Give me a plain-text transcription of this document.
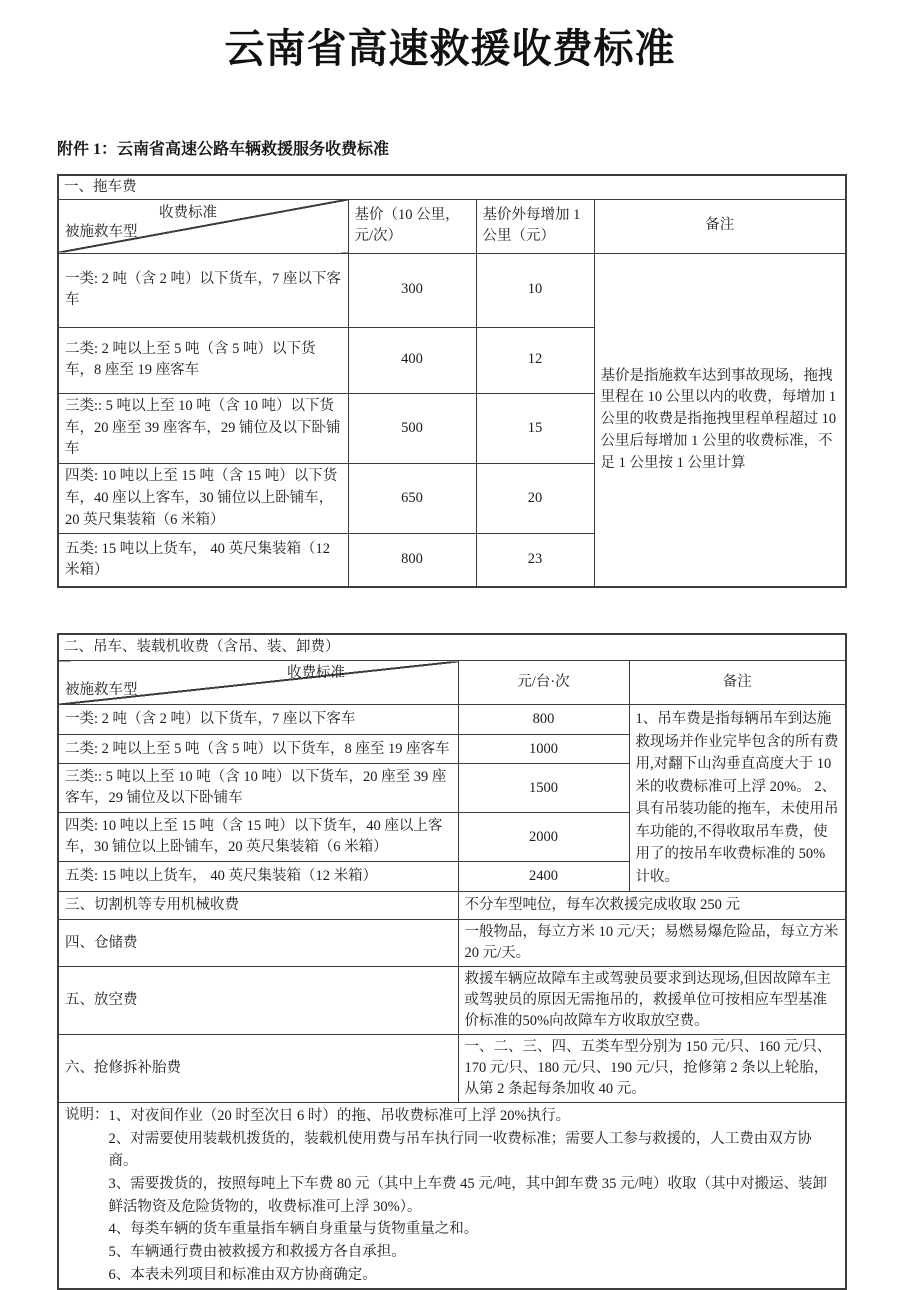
云南省高速救援收费标准
附件 1：云南省高速公路车辆救援服务收费标准
一、拖车费			

收费标准
被施救车型	基价（10 公里，元/次）	基价外每增加 1 公里（元）	备注
一类: 2 吨（含 2 吨）以下货车，7 座以下客车	300	10	基价是指施救车达到事故现场，拖拽里程在 10 公里以内的收费，每增加 1 公里的收费是指拖拽里程单程超过 10 公里后每增加 1 公里的收费标准，不足 1 公里按 1 公里计算
二类: 2 吨以上至 5 吨（含 5 吨）以下货车，8 座至 19 座客车	400	12	
三类:: 5 吨以上至 10 吨（含 10 吨）以下货车，20 座至 39 座客车，29 铺位及以下卧铺车	500	15	
四类: 10 吨以上至 15 吨（含 15 吨）以下货车，40 座以上客车，30 铺位以上卧铺车，20 英尺集装箱（6 米箱）	650	20	
五类: 15 吨以上货车， 40 英尺集装箱（12 米箱）	800	23	
二、吊车、装载机收费（含吊、装、卸费）		

收费标准
被施救车型	元/台·次	备注
一类: 2 吨（含 2 吨）以下货车，7 座以下客车	800	1、吊车费是指每辆吊车到达施救现场并作业完毕包含的所有费用,对翻下山沟垂直高度大于 10 米的收费标准可上浮 20%。 2、具有吊装功能的拖车，未使用吊车功能的,不得收取吊车费，使用了的按吊车收费标准的 50%计收。
二类: 2 吨以上至 5 吨（含 5 吨）以下货车，8 座至 19 座客车	1000	
三类:: 5 吨以上至 10 吨（含 10 吨）以下货车，20 座至 39 座客车，29 铺位及以下卧铺车	1500	
四类: 10 吨以上至 15 吨（含 15 吨）以下货车，40 座以上客车，30 铺位以上卧铺车，20 英尺集装箱（6 米箱）	2000	
五类: 15 吨以上货车， 40 英尺集装箱（12 米箱）	2400	
三、切割机等专用机械收费	不分车型吨位，每车次救援完成收取 250 元	
四、仓储费	一般物品，每立方米 10 元/天；易燃易爆危险品，每立方米 20 元/天。	
五、放空费	救援车辆应故障车主或驾驶员要求到达现场,但因故障车主或驾驶员的原因无需拖吊的，救援单位可按相应车型基准价标准的50%向故障车方收取放空费。	
六、抢修拆补胎费	一、二、三、四、五类车型分别为 150 元/只、160 元/只、170 元/只、180 元/只、190 元/只，抢修第 2 条以上轮胎，从第 2 条起每条加收 40 元。	

说明： 1、对夜间作业（20 时至次日 6 时）的拖、吊收费标准可上浮 20%执行。
2、对需要使用装载机拨货的，装载机使用费与吊车执行同一收费标准；需要人工参与救援的，人工费由双方协商。
3、需要拨货的，按照每吨上下车费 80 元（其中上车费 45 元/吨，其中卸车费 35 元/吨）收取（其中对搬运、装卸鲜活物资及危险货物的，收费标准可上浮 30%）。
4、每类车辆的货车重量指车辆自身重量与货物重量之和。
5、车辆通行费由被救援方和救援方各自承担。
6、本表未列项目和标准由双方协商确定。
